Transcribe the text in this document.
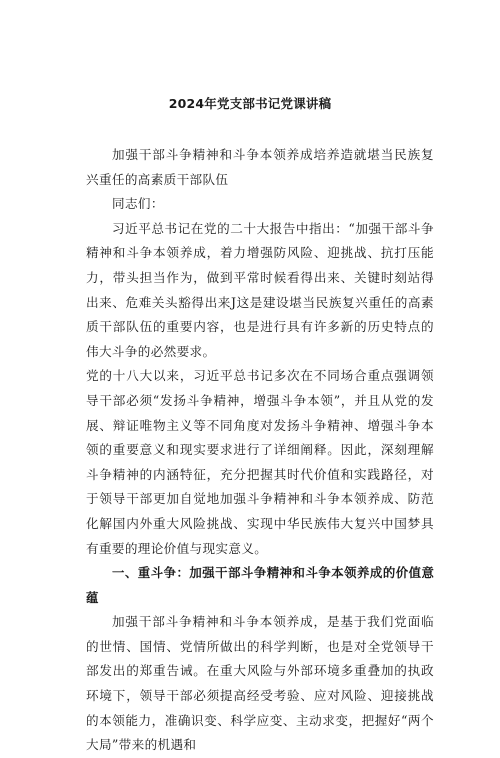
2024年党支部书记党课讲稿

加强干部斗争精神和斗争本领养成培养造就堪当民族复兴重任的高素质干部队伍

同志们：

习近平总书记在党的二十大报告中指出：“加强干部斗争精神和斗争本领养成，着力增强防风险、迎挑战、抗打压能力，带头担当作为，做到平常时候看得出来、关键时刻站得出来、危难关头豁得出来J这是建设堪当民族复兴重任的高素质干部队伍的重要内容，也是进行具有许多新的历史特点的伟大斗争的必然要求。

党的十八大以来，习近平总书记多次在不同场合重点强调领导干部必须“发扬斗争精神，增强斗争本领”，并且从党的发展、辩证唯物主义等不同角度对发扬斗争精神、增强斗争本领的重要意义和现实要求进行了详细阐释。因此，深刻理解斗争精神的内涵特征，充分把握其时代价值和实践路径，对于领导干部更加自觉地加强斗争精神和斗争本领养成、防范化解国内外重大风险挑战、实现中华民族伟大复兴中国梦具有重要的理论价值与现实意义。

一、重斗争：加强干部斗争精神和斗争本领养成的价值意蕴

加强干部斗争精神和斗争本领养成，是基于我们党面临的世情、国情、党情所做出的科学判断，也是对全党领导干部发出的郑重告诫。在重大风险与外部环境多重叠加的执政环境下，领导干部必须提高经受考验、应对风险、迎接挑战的本领能力，准确识变、科学应变、主动求变，把握好“两个大局”带来的机遇和
